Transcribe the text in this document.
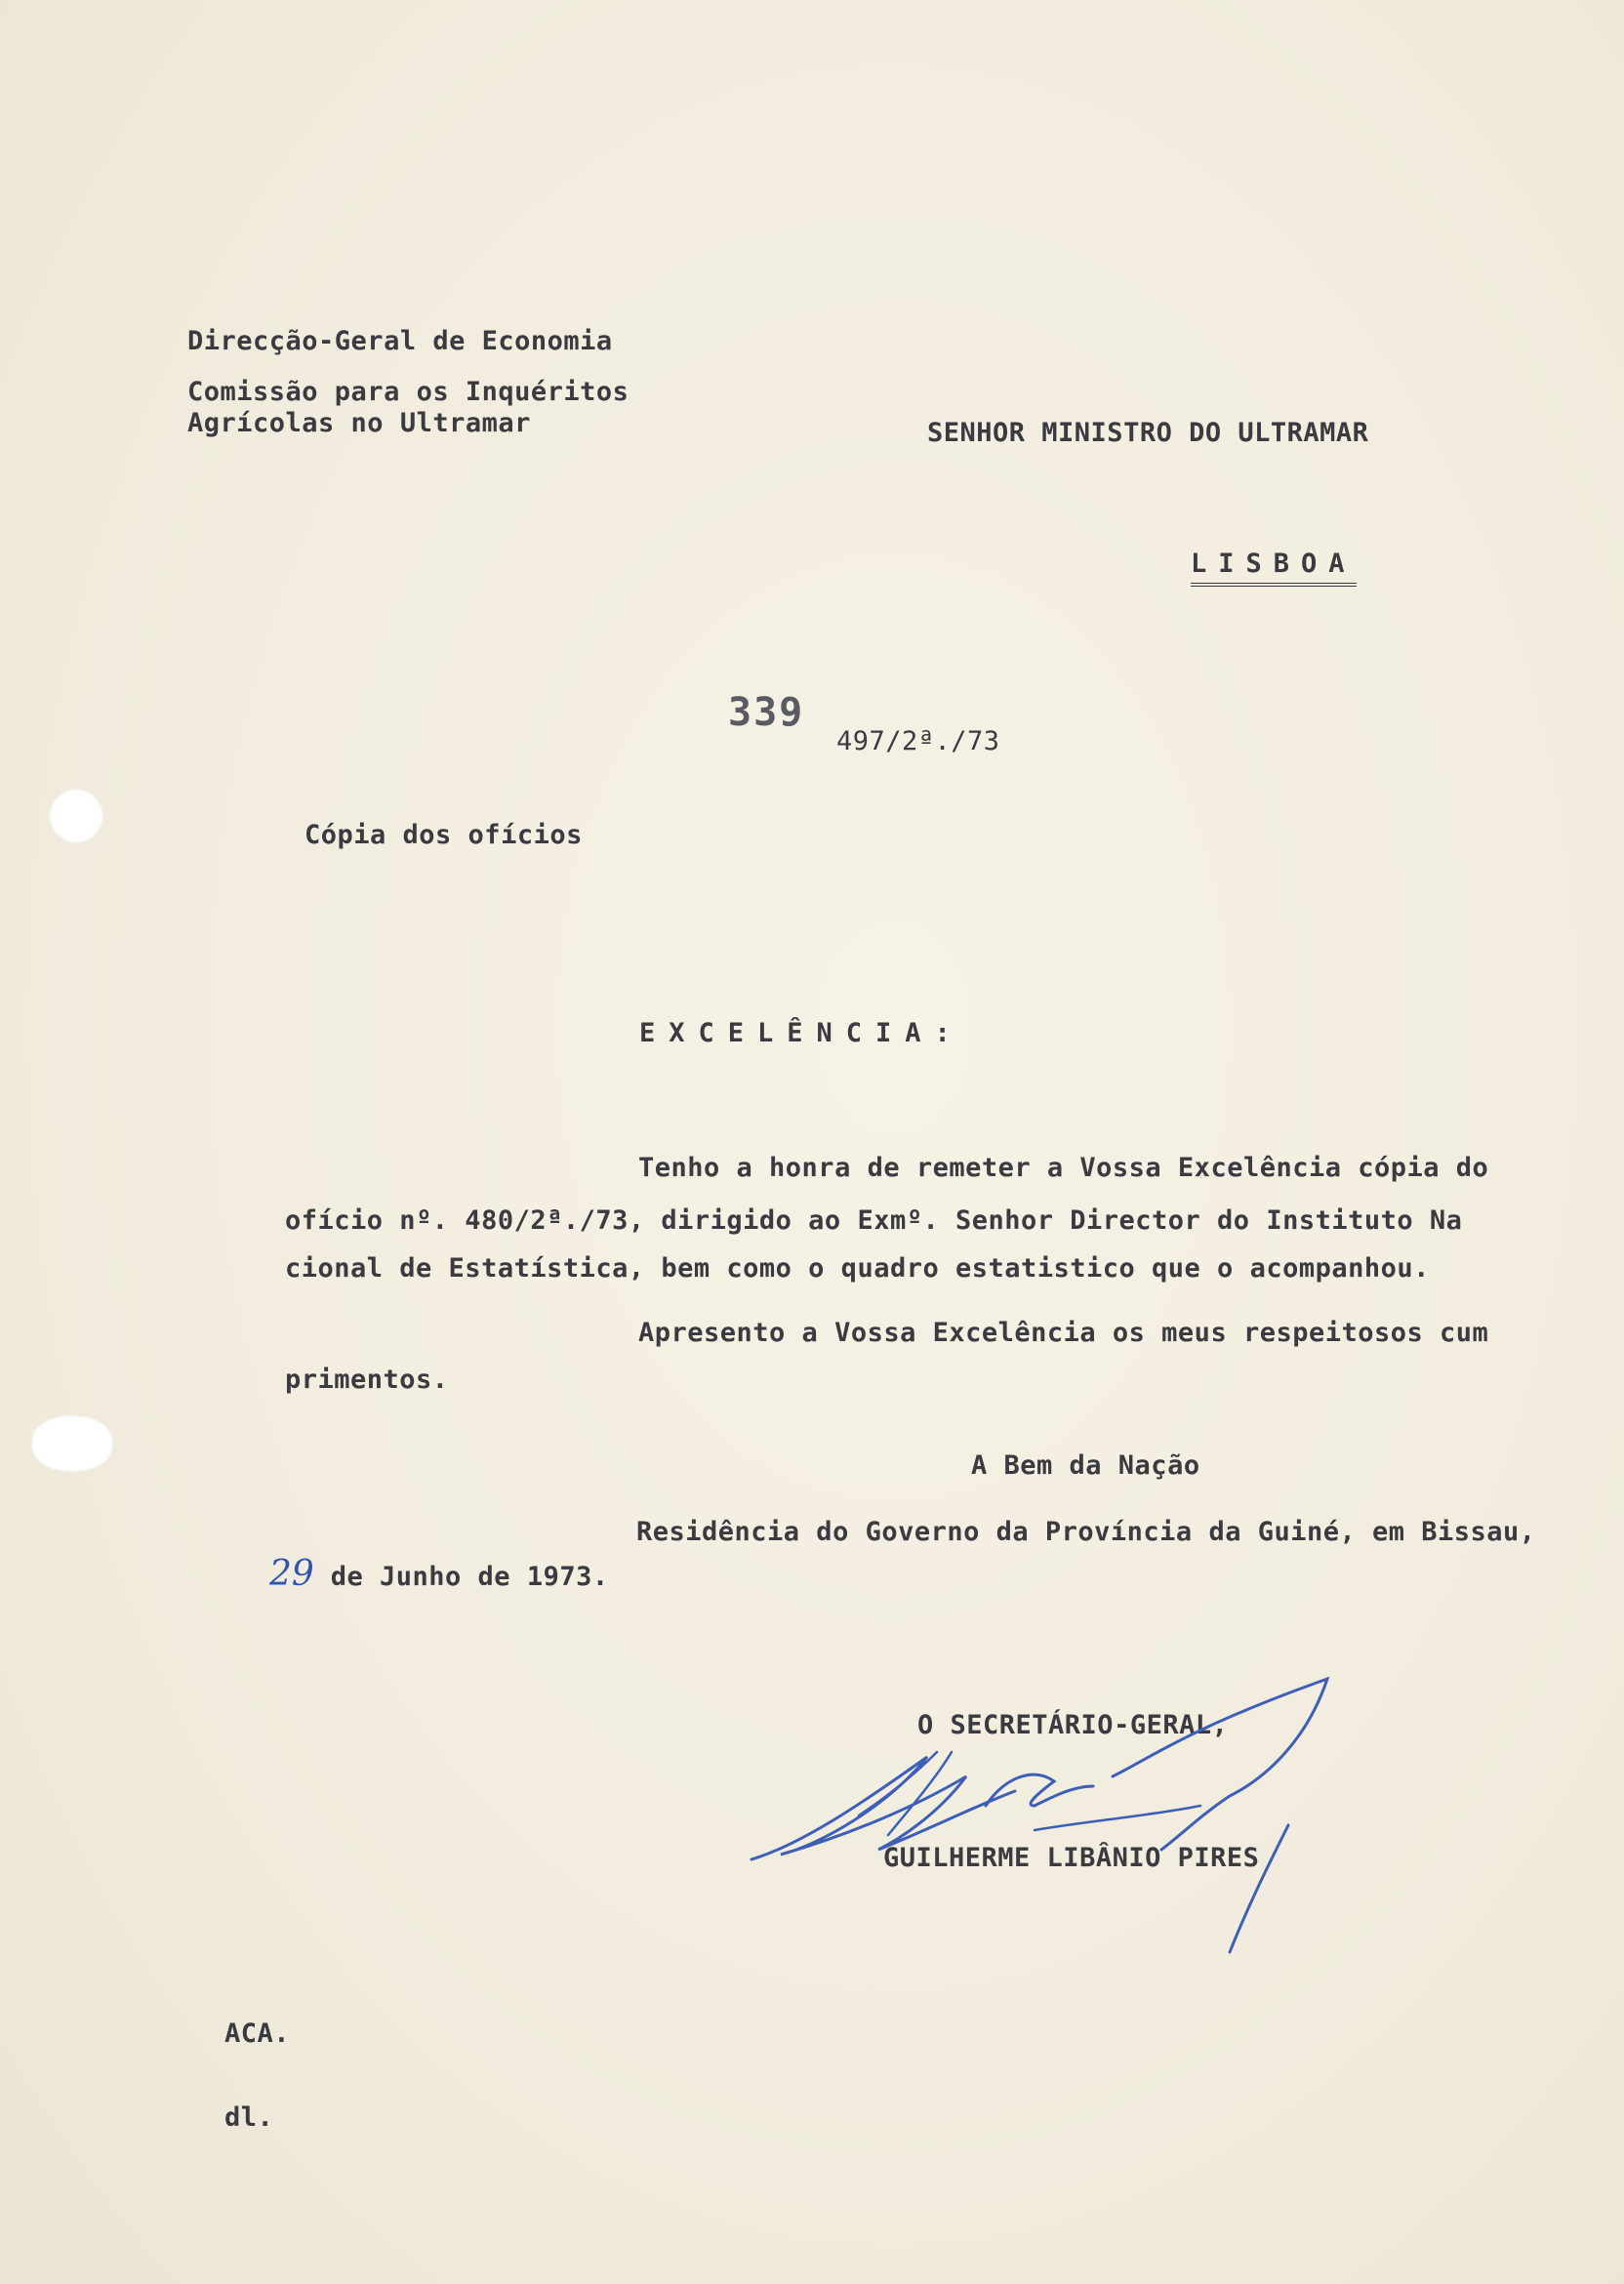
Direcção-Geral de Economia
Comissão para os Inquéritos
Agrícolas no Ultramar	SENHOR MINISTRO DO ULTRAMAR
LISBOA
339
497/2ª./73
Cópia dos ofícios
EXCELÊNCIA:
Tenho a honra de remeter a Vossa Excelência cópia do
ofício nº. 480/2ª./73, dirigido ao Exmº. Senhor Director do Instituto Na
cional de Estatística, bem como o quadro estatistico que o acompanhou.
Apresento a Vossa Excelência os meus respeitosos cum
primentos.
A Bem da Nação
Residência do Governo da Província da Guiné, em Bissau,
29 de Junho de 1973.
O SECRETÁRIO-GERAL,
GUILHERME LIBÂNIO PIRES
ACA.
dl.
